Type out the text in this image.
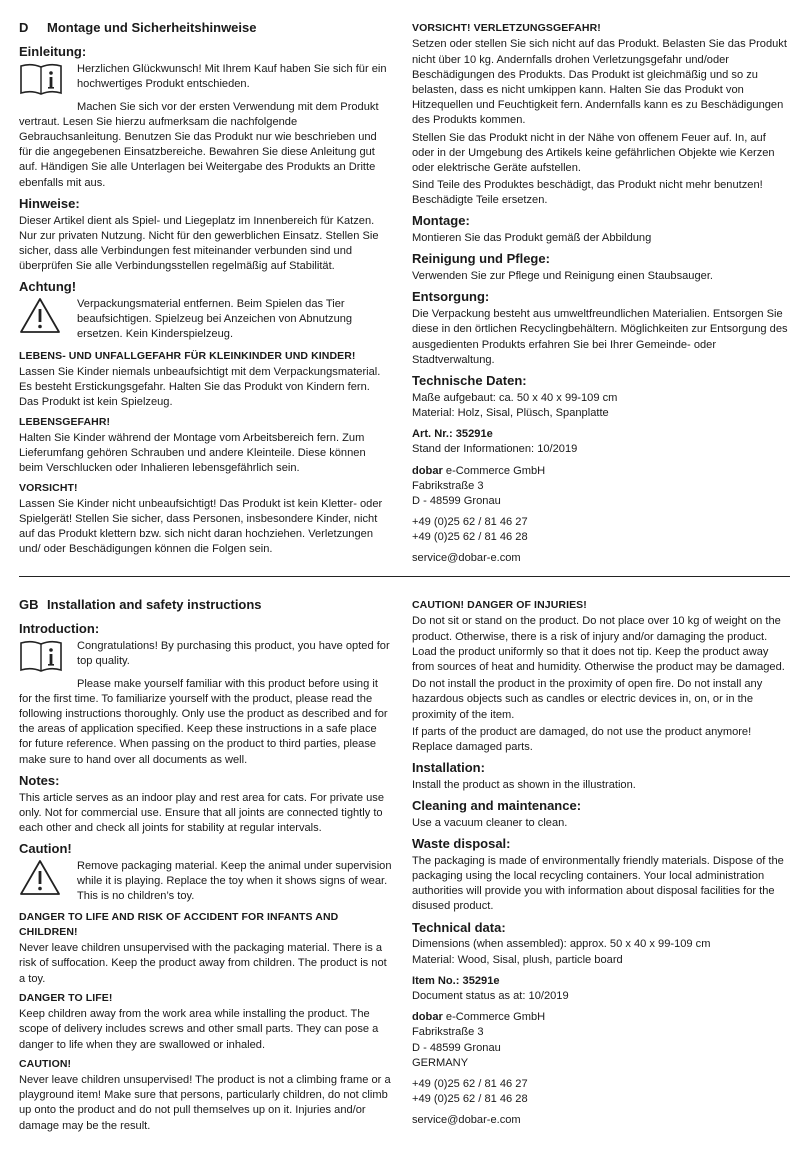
D	Montage und Sicherheitshinweise
Einleitung:

Herzlichen Glückwunsch! Mit Ihrem Kauf haben Sie sich für ein hochwertiges Produkt entschieden.

Machen Sie sich vor der ersten Verwendung mit dem Produkt vertraut. Lesen Sie hierzu aufmerksam die nachfolgende Gebrauchsanleitung. Benutzen Sie das Produkt nur wie beschrieben und für die angegebenen Einsatzbereiche. Bewahren Sie diese Anleitung gut auf. Händigen Sie alle Unterlagen bei Weitergabe des Produkts an Dritte ebenfalls mit aus.

Hinweise:

Dieser Artikel dient als Spiel- und Liegeplatz im Innenbereich für Katzen. Nur zur privaten Nutzung. Nicht für den gewerblichen Einsatz. Stellen Sie sicher, dass alle Verbindungen fest miteinander verbunden sind und überprüfen Sie alle Verbindungsstellen regelmäßig auf Stabilität.

Achtung!

Verpackungsmaterial entfernen. Beim Spielen das Tier beaufsichtigen. Spielzeug bei Anzeichen von Abnutzung ersetzen. Kein Kinderspielzeug.

LEBENS- UND UNFALLGEFAHR FÜR KLEINKINDER UND KINDER!

Lassen Sie Kinder niemals unbeaufsichtigt mit dem Verpackungsmaterial. Es besteht Erstickungsgefahr. Halten Sie das Produkt von Kindern fern. Das Produkt ist kein Spielzeug.

LEBENSGEFAHR!

Halten Sie Kinder während der Montage vom Arbeitsbereich fern. Zum Lieferumfang gehören Schrauben und andere Kleinteile. Diese können beim Verschlucken oder Inhalieren lebensgefährlich sein.

VORSICHT!

Lassen Sie Kinder nicht unbeaufsichtigt! Das Produkt ist kein Kletter- oder Spielgerät! Stellen Sie sicher, dass Personen, insbesondere Kinder, nicht auf das Produkt klettern bzw. sich nicht daran hochziehen. Verletzungen und/ oder Beschädigungen können die Folgen sein.

VORSICHT! VERLETZUNGSGEFAHR!

Setzen oder stellen Sie sich nicht auf das Produkt. Belasten Sie das Produkt nicht über 10 kg. Andernfalls drohen Verletzungsgefahr und/oder Beschädigungen des Produkts. Das Produkt ist gleichmäßig und so zu belasten, dass es nicht umkippen kann. Halten Sie das Produkt von Hitzequellen und Feuchtigkeit fern. Andernfalls kann es zu Beschädigungen des Produkts kommen.

Stellen Sie das Produkt nicht in der Nähe von offenem Feuer auf. In, auf oder in der Umgebung des Artikels keine gefährlichen Objekte wie Kerzen oder elektrische Geräte aufstellen.

Sind Teile des Produktes beschädigt, das Produkt nicht mehr benutzen! Beschädigte Teile ersetzen.

Montage:

Montieren Sie das Produkt gemäß der Abbildung

Reinigung und Pflege:

Verwenden Sie zur Pflege und Reinigung einen Staubsauger.

Entsorgung:

Die Verpackung besteht aus umweltfreundlichen Materialien. Entsorgen Sie diese in den örtlichen Recyclingbehältern. Möglichkeiten zur Entsorgung des ausgedienten Produkts erfahren Sie bei Ihrer Gemeinde- oder Stadtverwaltung.

Technische Daten:

Maße aufgebaut: ca. 50 x 40 x 99-109 cm

Material: Holz, Sisal, Plüsch, Spanplatte

Art. Nr.: 35291e

Stand der Informationen: 10/2019

dobar e-Commerce GmbH

Fabrikstraße 3

D - 48599 Gronau

+49 (0)25 62 / 81 46 27

+49 (0)25 62 / 81 46 28

service@dobar-e.com

GB Installation and safety instructions
Introduction:

Congratulations! By purchasing this product, you have opted for top quality.

Please make yourself familiar with this product before using it for the first time. To familiarize yourself with the product, please read the following instructions thoroughly. Only use the product as described and for the areas of application specified. Keep these instructions in a safe place for future reference. When passing on the product to third parties, please make sure to hand over all documents as well.

Notes:

This article serves as an indoor play and rest area for cats. For private use only. Not for commercial use. Ensure that all joints are connected tightly to each other and check all joints for stability at regular intervals.

Caution!

Remove packaging material. Keep the animal under supervision while it is playing. Replace the toy when it shows signs of wear. This is no children’s toy.

DANGER TO LIFE AND RISK OF ACCIDENT FOR INFANTS AND CHILDREN!

Never leave children unsupervised with the packaging material. There is a risk of suffocation. Keep the product away from children. The product is not a toy.

DANGER TO LIFE!

Keep children away from the work area while installing the product. The scope of delivery includes screws and other small parts. They can pose a danger to life when they are swallowed or inhaled.

CAUTION!

Never leave children unsupervised! The product is not a climbing frame or a playground item! Make sure that persons, particularly children, do not climb up onto the product and do not pull themselves up on it. Injuries and/or damage may be the result.

CAUTION! DANGER OF INJURIES!

Do not sit or stand on the product. Do not place over 10 kg of weight on the product. Otherwise, there is a risk of injury and/or damaging the product. Load the product uniformly so that it does not tip. Keep the product away from sources of heat and humidity. Otherwise the product may be damaged.

Do not install the product in the proximity of open fire. Do not install any hazardous objects such as candles or electric devices in, on, or in the proximity of the item.

If parts of the product are damaged, do not use the product anymore! Replace damaged parts.

Installation:

Install the product as shown in the illustration.

Cleaning and maintenance:

Use a vacuum cleaner to clean.

Waste disposal:

The packaging is made of environmentally friendly materials. Dispose of the packaging using the local recycling containers. Your local administration authorities will provide you with information about disposal facilities for the disused product.

Technical data:

Dimensions (when assembled): approx. 50 x 40 x 99-109 cm

Material: Wood, Sisal, plush, particle board

Item No.: 35291e

Document status as at: 10/2019

dobar e-Commerce GmbH

Fabrikstraße 3

D - 48599 Gronau

GERMANY

+49 (0)25 62 / 81 46 27

+49 (0)25 62 / 81 46 28

service@dobar-e.com
